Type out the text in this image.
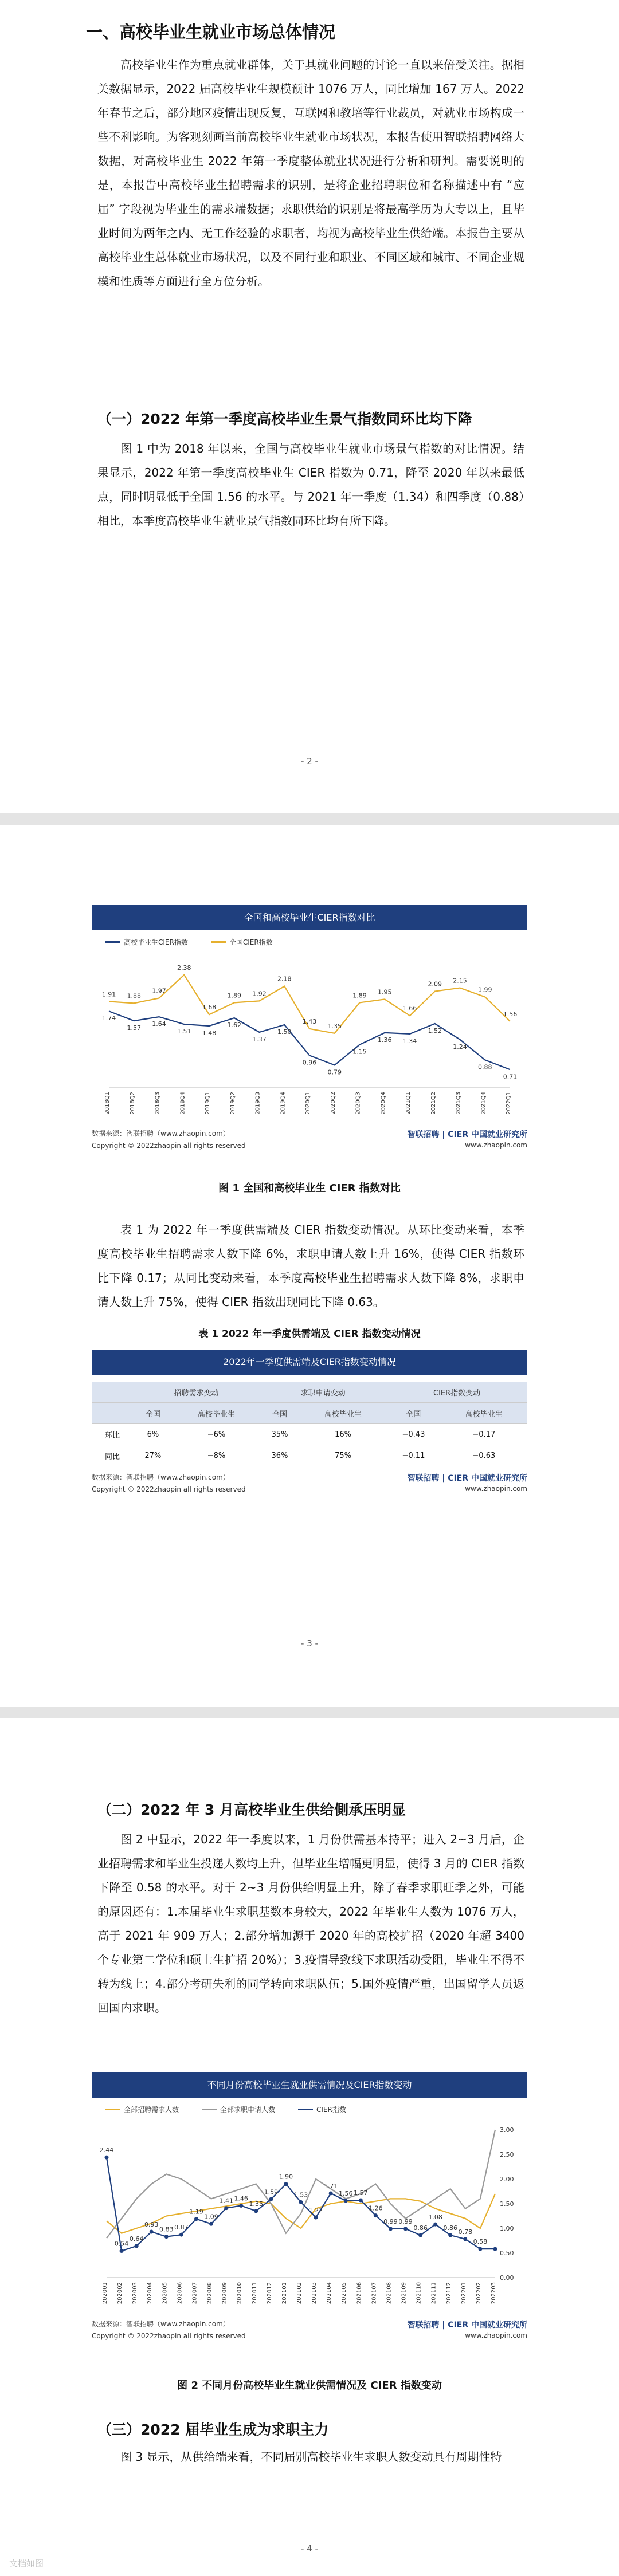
一、高校毕业生就业市场总体情况

高校毕业生作为重点就业群体，关于其就业问题的讨论一直以来倍受关注。据相关数据显示，2022 届高校毕业生规模预计 1076 万人，同比增加 167 万人。2022 年春节之后，部分地区疫情出现反复，互联网和教培等行业裁员，对就业市场构成一些不利影响。为客观刻画当前高校毕业生就业市场状况，本报告使用智联招聘网络大数据，对高校毕业生 2022 年第一季度整体就业状况进行分析和研判。需要说明的是，本报告中高校毕业生招聘需求的识别，是将企业招聘职位和名称描述中有 “应届” 字段视为毕业生的需求端数据；求职供给的识别是将最高学历为大专以上，且毕业时间为两年之内、无工作经验的求职者，均视为高校毕业生供给端。本报告主要从高校毕业生总体就业市场状况，以及不同行业和职业、不同区域和城市、不同企业规模和性质等方面进行全方位分析。

（一）2022 年第一季度高校毕业生景气指数同环比均下降

图 1 中为 2018 年以来，全国与高校毕业生就业市场景气指数的对比情况。结果显示，2022 年第一季度高校毕业生 CIER 指数为 0.71，降至 2020 年以来最低点，同时明显低于全国 1.56 的水平。与 2021 年一季度（1.34）和四季度（0.88）相比，本季度高校毕业生就业景气指数同环比均有所下降。

- 2 -
全国和高校毕业生CIER指数对比
高校毕业生CIER指数	全国CIER指数
2018Q1	2018Q2	2018Q3	2018Q4	2019Q1	2019Q2	2019Q3	2019Q4	2020Q1	2020Q2	2020Q3	2020Q4	2021Q1	2021Q2	2021Q3	2021Q4	2022Q1
1.74
1.57
1.64
1.51 1.48
1.62
1.37
1.50
0.96
0.79
1.15
1.36 1.34
1.52
1.24
0.88
0.71
1.91 1.88
1.97
2.38
1.68
1.89 1.92
2.18
1.43
1.35
1.89 1.95
1.66
2.09 2.15
1.99
1.56
数据来源：智联招聘（www.zhaopin.com）
Copyright © 2022zhaopin all rights reserved
智联招聘 | CIER 中国就业研究所
www.zhaopin.com
图 1 全国和高校毕业生 CIER 指数对比

表 1 为 2022 年一季度供需端及 CIER 指数变动情况。从环比变动来看，本季度高校毕业生招聘需求人数下降 6%，求职申请人数上升 16%，使得 CIER 指数环比下降 0.17；从同比变动来看，本季度高校毕业生招聘需求人数下降 8%，求职申请人数上升 75%，使得 CIER 指数出现同比下降 0.63。

表 1 2022 年一季度供需端及 CIER 指数变动情况
2022年一季度供需端及CIER指数变动情况
	招聘需求变动		求职申请变动		CIER指数变动	
	全国	高校毕业生	全国	高校毕业生	全国	高校毕业生
环比	6%	−6%	35%	16%	−0.43	−0.17
同比	27%	−8%	36%	75%	−0.11	−0.63
数据来源：智联招聘（www.zhaopin.com）
Copyright © 2022zhaopin all rights reserved
智联招聘 | CIER 中国就业研究所
www.zhaopin.com
- 3 -
（二）2022 年 3 月高校毕业生供给側承压明显

图 2 中显示，2022 年一季度以来，1 月份供需基本持平；进入 2~3 月后，企业招聘需求和毕业生投递人数均上升，但毕业生增幅更明显，使得 3 月的 CIER 指数下降至 0.58 的水平。对于 2~3 月份供给明显上升，除了春季求职旺季之外，可能的原因还有：1.本届毕业生求职基数本身较大，2022 年毕业生人数为 1076 万人，高于 2021 年 909 万人；2.部分增加源于 2020 年的高校扩招（2020 年超 3400 个专业第二学位和硕士生扩招 20%）；3.疫情导致线下求职活动受阻，毕业生不得不转为线上；4.部分考研失利的同学转向求职队伍；5.国外疫情严重，出国留学人员返回国内求职。

不同月份高校毕业生就业供需情况及CIER指数变动
全部招聘需求人数	全部求职申请人数	CIER指数
0.00
0.50
1.00
1.50
2.00
2.50
3.00
202001 202002 202003 202004 202005 202006 202007 202008 202009 202010 202011 202012 202101 202102 202103 202104 202105 202106 202107 202108 202109 202110 202111 202112 202201 202202 202203
2.44
0.54
0.64
0.93
0.83 0.87
1.19
1.09
1.41 1.46
1.35
1.59
1.90
1.53
1.22
1.71
1.56 1.57
1.26
0.99 0.99
0.86
1.08
0.86
0.78
0.58
数据来源：智联招聘（www.zhaopin.com）
Copyright © 2022zhaopin all rights reserved
智联招聘 | CIER 中国就业研究所
www.zhaopin.com
图 2 不同月份高校毕业生就业供需情况及 CIER 指数变动
（三）2022 届毕业生成为求职主力

图 3 显示，从供给端来看，不同届别高校毕业生求职人数变动具有周期性特

- 4 -
文档如图
